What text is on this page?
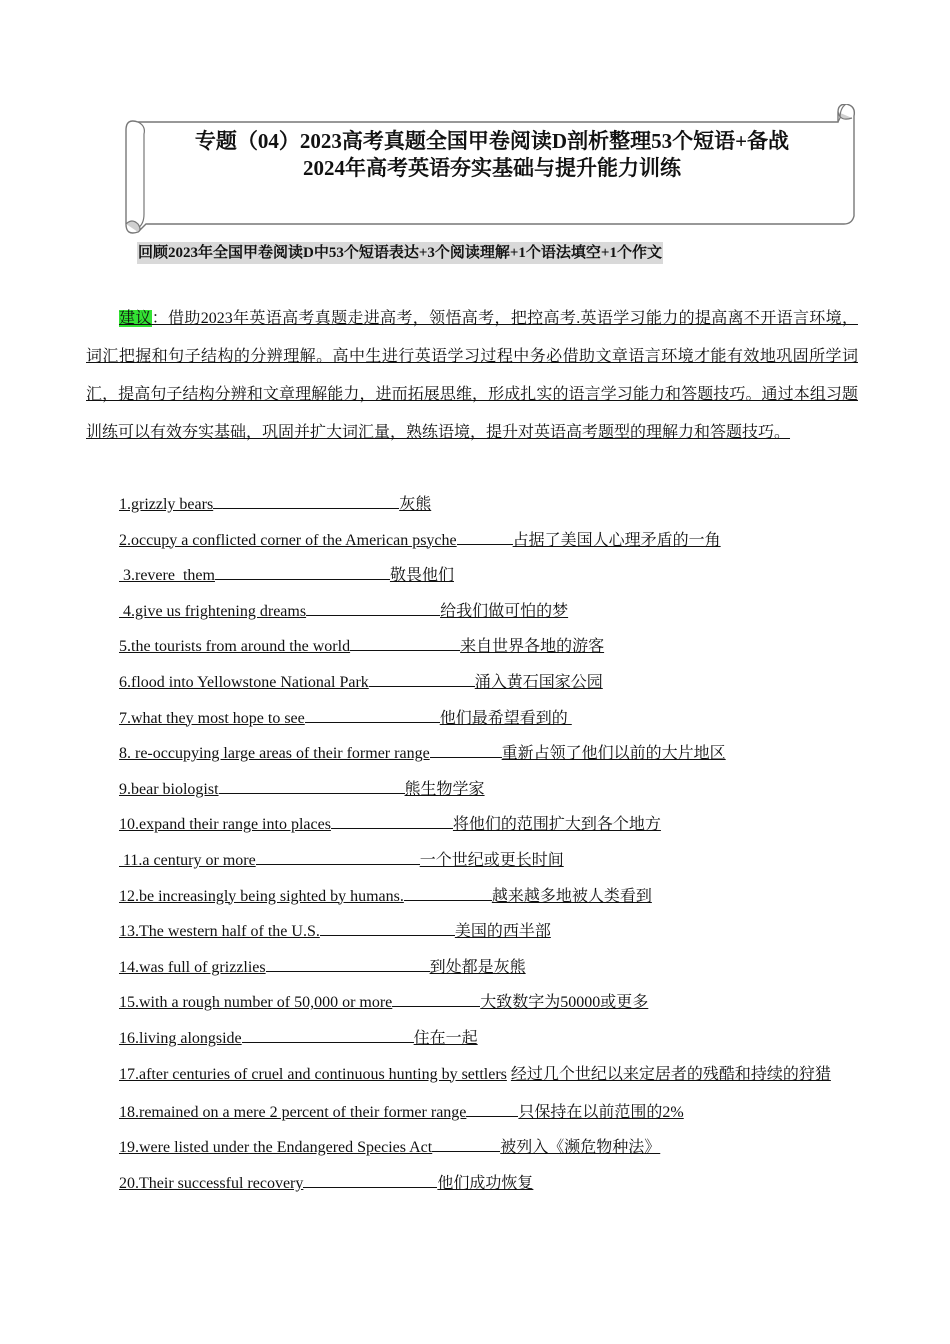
专题（04）2023高考真题全国甲卷阅读D剖析整理53个短语+备战
2024年高考英语夯实基础与提升能力训练
回顾2023年全国甲卷阅读D中53个短语表达+3个阅读理解+1个语法填空+1个作文
建议：借助2023年英语高考真题走进高考，领悟高考，把控高考.英语学习能力的提高离不开语言环境，词汇把握和句子结构的分辨理解。高中生进行英语学习过程中务必借助文章语言环境才能有效地巩固所学词汇，提高句子结构分辨和文章理解能力，进而拓展思维，形成扎实的语言学习能力和答题技巧。通过本组习题训练可以有效夯实基础，巩固并扩大词汇量，熟练语境，提升对英语高考题型的理解力和答题技巧。
1.grizzly bears	灰熊
2.occupy a conflicted corner of the American psyche	占据了美国人心理矛盾的一角
3.revere  them	敬畏他们
4.give us frightening dreams	给我们做可怕的梦
5.the tourists from around the world	来自世界各地的游客
6.flood into Yellowstone National Park	涌入黄石国家公园
7.what they most hope to see	他们最希望看到的
8. re-occupying large areas of their former range	重新占领了他们以前的大片地区
9.bear biologist	熊生物学家
10.expand their range into places	将他们的范围扩大到各个地方
11.a century or more	一个世纪或更长时间
12.be increasingly being sighted by humans.	越来越多地被人类看到
13.The western half of the U.S.	美国的西半部
14.was full of grizzlies	到处都是灰熊
15.with a rough number of 50,000 or more	大致数字为50000或更多
16.living alongside	住在一起
17.after centuries of cruel and continuous hunting by settlers 经过几个世纪以来定居者的残酷和持续的狩猎
18.remained on a mere 2 percent of their former range	只保持在以前范围的2%
19.were listed under the Endangered Species Act	被列入《濒危物种法》
20.Their successful recovery	他们成功恢复
